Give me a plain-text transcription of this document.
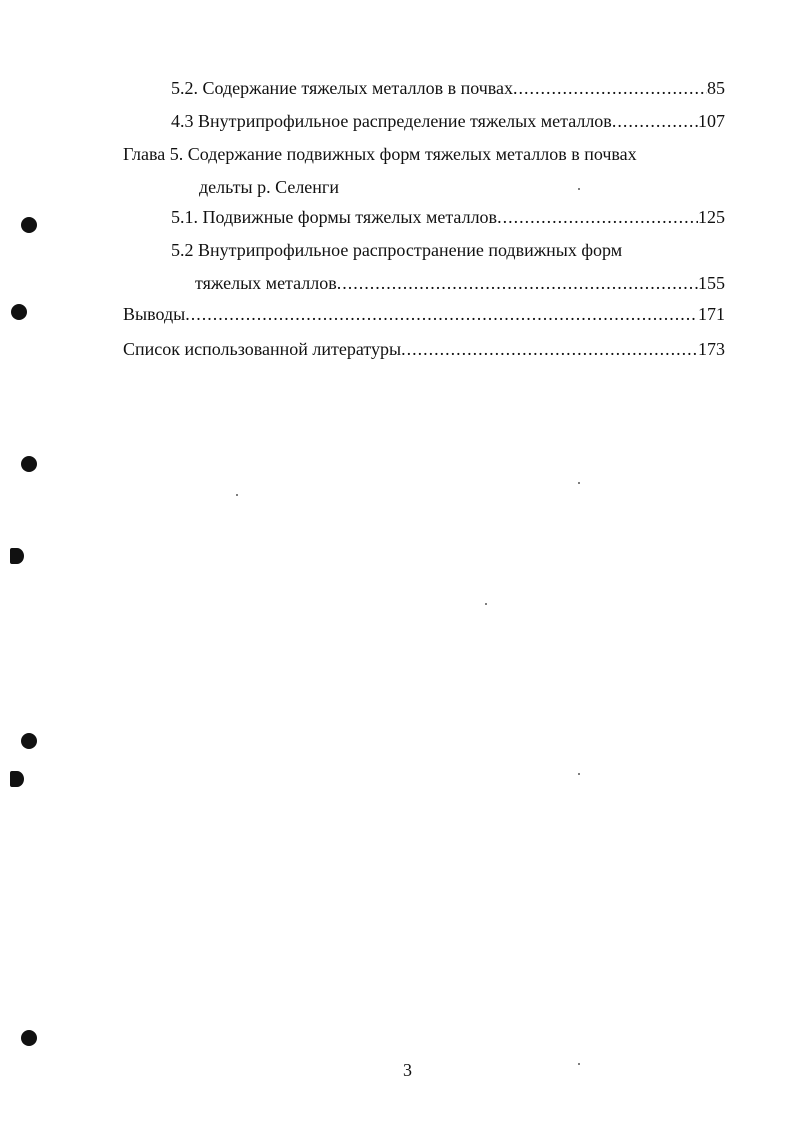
5.2. Содержание тяжелых металлов в почвах .....	85
4.3 Внутрипрофильное распределение тяжелых металлов .....	107
Глава 5. Содержание подвижных форм тяжелых металлов в почвах
дельты р. Селенги
5.1. Подвижные формы тяжелых металлов .....	125
5.2 Внутрипрофильное распространение подвижных форм
тяжелых металлов .....	155
Выводы .....	171
Список использованной литературы .....	173
3
